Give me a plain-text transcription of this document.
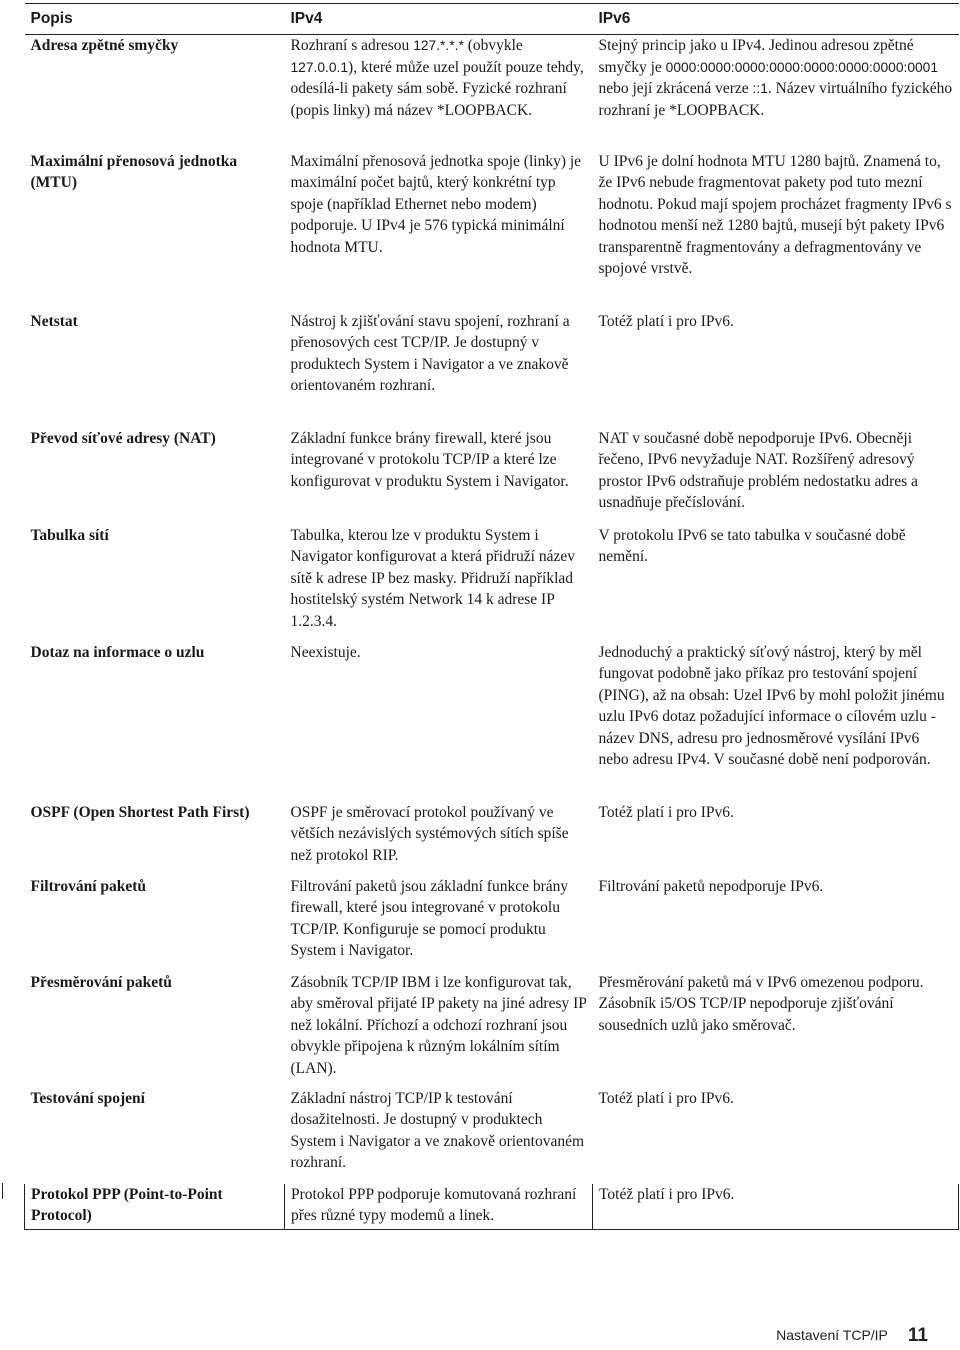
Popis	IPv4	IPv6
Adresa zpětné smyčky	Rozhraní s adresou 127.*.*.* (obvykle 127.0.0.1), které může uzel použít pouze tehdy, odesílá-li pakety sám sobě. Fyzické rozhraní (popis linky) má název *LOOPBACK.	Stejný princip jako u IPv4. Jedinou adresou zpětné smyčky je 0000:0000:0000:0000:0000:0000:0000:0001 nebo její zkrácená verze ::1. Název virtuálního fyzického rozhraní je *LOOPBACK.
Maximální přenosová jednotka (MTU)	Maximální přenosová jednotka spoje (linky) je maximální počet bajtů, který konkrétní typ spoje (například Ethernet nebo modem) podporuje. U IPv4 je 576 typická minimální hodnota MTU.	U IPv6 je dolní hodnota MTU 1280 bajtů. Znamená to, že IPv6 nebude fragmentovat pakety pod tuto mezní hodnotu. Pokud mají spojem procházet fragmenty IPv6 s hodnotou menší než 1280 bajtů, musejí být pakety IPv6 transparentně fragmentovány a defragmentovány ve spojové vrstvě.
Netstat	Nástroj k zjišťování stavu spojení, rozhraní a přenosových cest TCP/IP. Je dostupný v produktech System i Navigator a ve znakově orientovaném rozhraní.	Totéž platí i pro IPv6.
Převod síťové adresy (NAT)	Základní funkce brány firewall, které jsou integrované v protokolu TCP/IP a které lze konfigurovat v produktu System i Navigator.	NAT v současné době nepodporuje IPv6. Obecněji řečeno, IPv6 nevyžaduje NAT. Rozšířený adresový prostor IPv6 odstraňuje problém nedostatku adres a usnadňuje přečíslování.
Tabulka sítí	Tabulka, kterou lze v produktu System i Navigator konfigurovat a která přidruží název sítě k adrese IP bez masky. Přidruží například hostitelský systém Network 14 k adrese IP 1.2.3.4.	V protokolu IPv6 se tato tabulka v současné době nemění.
Dotaz na informace o uzlu	Neexistuje.	Jednoduchý a praktický síťový nástroj, který by měl fungovat podobně jako příkaz pro testování spojení (PING), až na obsah: Uzel IPv6 by mohl položit jinému uzlu IPv6 dotaz požadující informace o cílovém uzlu - název DNS, adresu pro jednosměrové vysílání IPv6 nebo adresu IPv4. V současné době není podporován.
OSPF (Open Shortest Path First)	OSPF je směrovací protokol používaný ve větších nezávislých systémových sítích spíše než protokol RIP.	Totéž platí i pro IPv6.
Filtrování paketů	Filtrování paketů jsou základní funkce brány firewall, které jsou integrované v protokolu TCP/IP. Konfiguruje se pomocí produktu System i Navigator.	Filtrování paketů nepodporuje IPv6.
Přesměrování paketů	Zásobník TCP/IP IBM i lze konfigurovat tak, aby směroval přijaté IP pakety na jiné adresy IP než lokální. Příchozí a odchozí rozhraní jsou obvykle připojena k různým lokálním sítím (LAN).	Přesměrování paketů má v IPv6 omezenou podporu. Zásobník i5/OS TCP/IP nepodporuje zjišťování sousedních uzlů jako směrovač.
Testování spojení	Základní nástroj TCP/IP k testování dosažitelnosti. Je dostupný v produktech System i Navigator a ve znakově orientovaném rozhraní.	Totéž platí i pro IPv6.
Protokol PPP (Point-to-Point Protocol)	Protokol PPP podporuje komutovaná rozhraní přes různé typy modemů a linek.	Totéž platí i pro IPv6.
Nastavení TCP/IP 11
